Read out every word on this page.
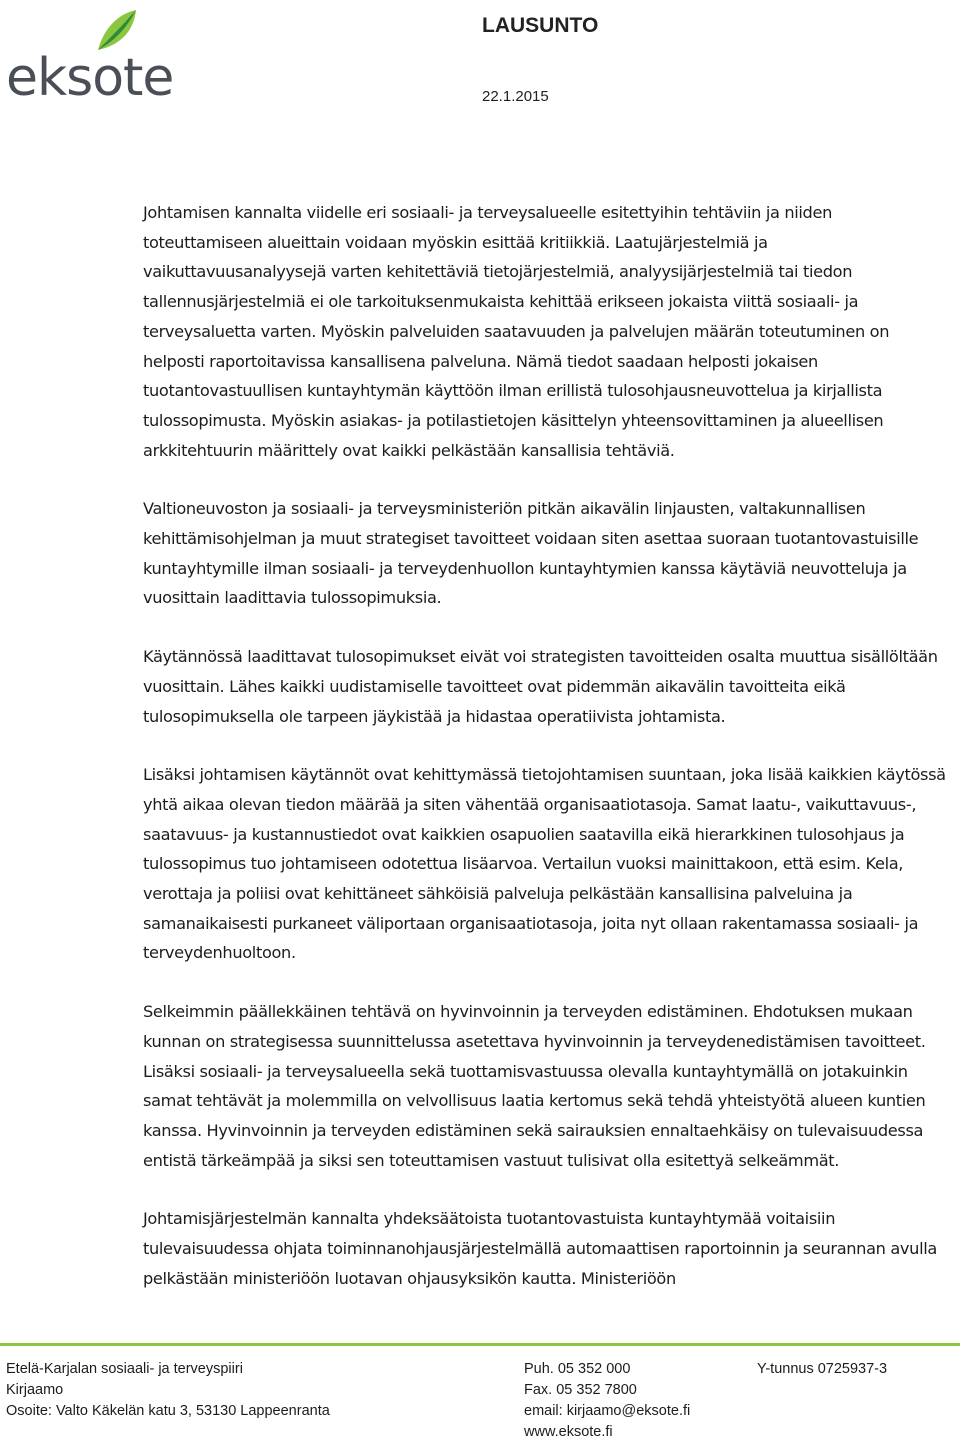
eksote
LAUSUNTO
22.1.2015

Johtamisen kannalta viidelle eri sosiaali- ja terveysalueelle esitettyihin tehtäviin ja niiden toteuttamiseen alueittain voidaan myöskin esittää kritiikkiä. Laatujärjestelmiä ja vaikuttavuusanalyysejä varten kehitettäviä tietojärjestelmiä, analyysijärjestelmiä tai tiedon tallennusjärjestelmiä ei ole tarkoituksenmukaista kehittää erikseen jokaista viittä sosiaali- ja terveysaluetta varten. Myöskin palveluiden saatavuuden ja palvelujen määrän toteutuminen on helposti raportoitavissa kansallisena palveluna. Nämä tiedot saadaan helposti jokaisen tuotantovastuullisen kuntayhtymän käyttöön ilman erillistä tulosohjausneuvottelua ja kirjallista tulossopimusta. Myöskin asiakas- ja potilastietojen käsittelyn yhteensovittaminen ja alueellisen arkkitehtuurin määrittely ovat kaikki pelkästään kansallisia tehtäviä.

Valtioneuvoston ja sosiaali- ja terveysministeriön pitkän aikavälin linjausten, valtakunnallisen kehittämisohjelman ja muut strategiset tavoitteet voidaan siten asettaa suoraan tuotantovastuisille kuntayhtymille ilman sosiaali- ja terveydenhuollon kuntayhtymien kanssa käytäviä neuvotteluja ja vuosittain laadittavia tulossopimuksia.

Käytännössä laadittavat tulosopimukset eivät voi strategisten tavoitteiden osalta muuttua sisällöltään vuosittain. Lähes kaikki uudistamiselle tavoitteet ovat pidemmän aikavälin tavoitteita eikä tulosopimuksella ole tarpeen jäykistää ja hidastaa operatiivista johtamista.

Lisäksi johtamisen käytännöt ovat kehittymässä tietojohtamisen suuntaan, joka lisää kaikkien käytössä yhtä aikaa olevan tiedon määrää ja siten vähentää organisaatiotasoja. Samat laatu-, vaikuttavuus-, saatavuus- ja kustannustiedot ovat kaikkien osapuolien saatavilla eikä hierarkkinen tulosohjaus ja tulossopimus tuo johtamiseen odotettua lisäarvoa. Vertailun vuoksi mainittakoon, että esim. Kela, verottaja ja poliisi ovat kehittäneet sähköisiä palveluja pelkästään kansallisina palveluina ja samanaikaisesti purkaneet väliportaan organisaatiotasoja, joita nyt ollaan rakentamassa sosiaali- ja terveydenhuoltoon.

Selkeimmin päällekkäinen tehtävä on hyvinvoinnin ja terveyden edistäminen. Ehdotuksen mukaan kunnan on strategisessa suunnittelussa asetettava hyvinvoinnin ja terveydenedistämisen tavoitteet. Lisäksi sosiaali- ja terveysalueella sekä tuottamisvastuussa olevalla kuntayhtymällä on jotakuinkin samat tehtävät ja molemmilla on velvollisuus laatia kertomus sekä tehdä yhteistyötä alueen kuntien kanssa. Hyvinvoinnin ja terveyden edistäminen sekä sairauksien ennaltaehkäisy on tulevaisuudessa entistä tärkeämpää ja siksi sen toteuttamisen vastuut tulisivat olla esitettyä selkeämmät.

Johtamisjärjestelmän kannalta yhdeksäätoista tuotantovastuista kuntayhtymää voitaisiin tulevaisuudessa ohjata toiminnanohjausjärjestelmällä automaattisen raportoinnin ja seurannan avulla pelkästään ministeriöön luotavan ohjausyksikön kautta. Ministeriöön

Etelä-Karjalan sosiaali- ja terveyspiiri
Kirjaamo
Osoite: Valto Käkelän katu 3, 53130 Lappeenranta
Puh. 05 352 000
Fax. 05 352 7800
email: kirjaamo@eksote.fi
www.eksote.fi
Y-tunnus 0725937-3
